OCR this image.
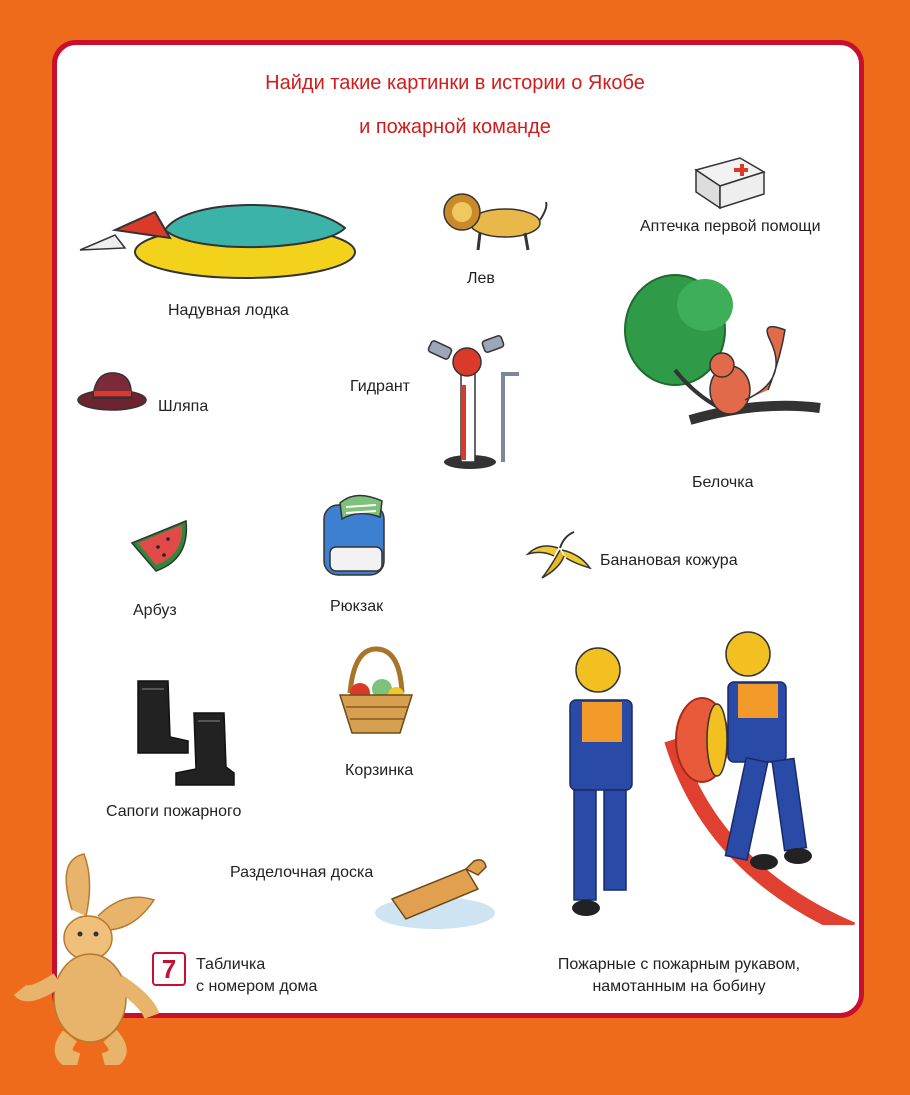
Найди такие картинки в истории о Якобе
и пожарной команде
Надувная лодка
Лев
Аптечка первой помощи
Шляпа
Гидрант
Белочка
Арбуз	Рюкзак
Банановая кожура
Сапоги пожарного
Корзинка
Разделочная доска
Пожарные с пожарным рукавом,
намотанным на бобину
7	Табличка
с номером дома
